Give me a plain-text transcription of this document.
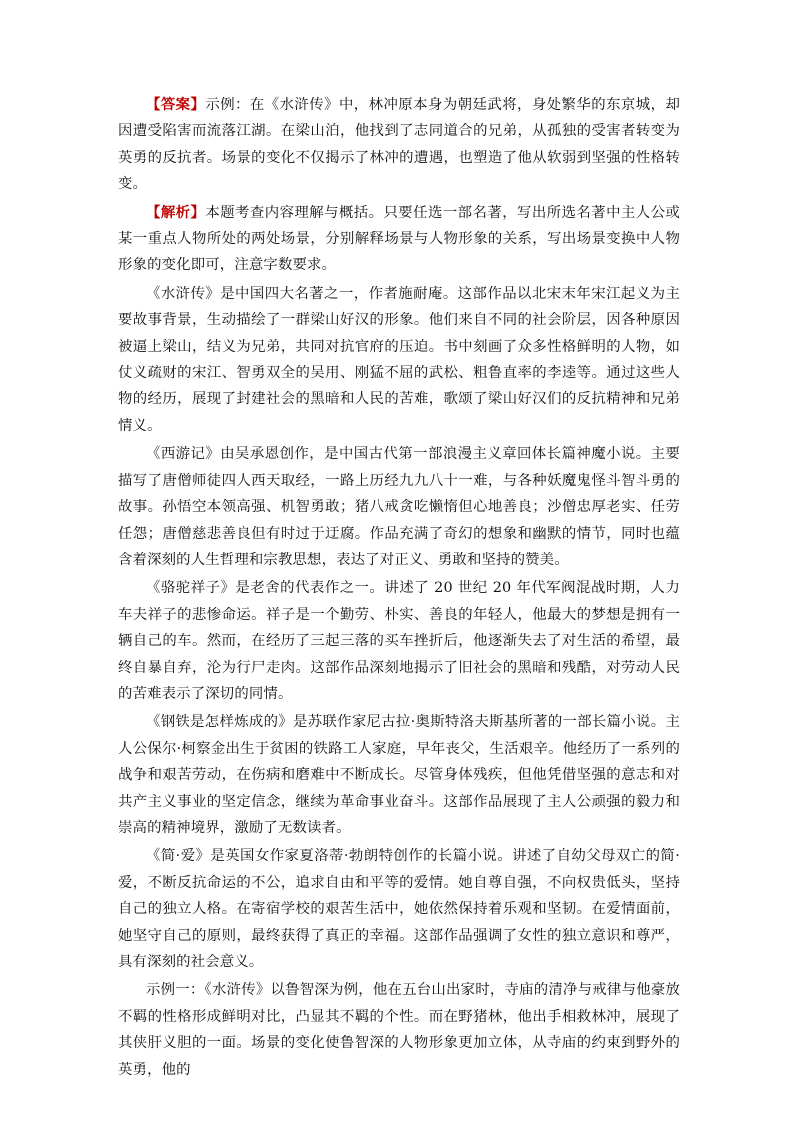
【答案】示例：在《水浒传》中，林冲原本身为朝廷武将，身处繁华的东京城，却因遭受陷害而流落江湖。在梁山泊，他找到了志同道合的兄弟，从孤独的受害者转变为英勇的反抗者。场景的变化不仅揭示了林冲的遭遇，也塑造了他从软弱到坚强的性格转变。

【解析】本题考查内容理解与概括。只要任选一部名著，写出所选名著中主人公或某一重点人物所处的两处场景，分别解释场景与人物形象的关系，写出场景变换中人物形象的变化即可，注意字数要求。

《水浒传》是中国四大名著之一，作者施耐庵。这部作品以北宋末年宋江起义为主要故事背景，生动描绘了一群梁山好汉的形象。他们来自不同的社会阶层，因各种原因被逼上梁山，结义为兄弟，共同对抗官府的压迫。书中刻画了众多性格鲜明的人物，如仗义疏财的宋江、智勇双全的吴用、刚猛不屈的武松、粗鲁直率的李逵等。通过这些人物的经历，展现了封建社会的黑暗和人民的苦难，歌颂了梁山好汉们的反抗精神和兄弟情义。

《西游记》由吴承恩创作，是中国古代第一部浪漫主义章回体长篇神魔小说。主要描写了唐僧师徒四人西天取经，一路上历经九九八十一难，与各种妖魔鬼怪斗智斗勇的故事。孙悟空本领高强、机智勇敢；猪八戒贪吃懒惰但心地善良；沙僧忠厚老实、任劳任怨；唐僧慈悲善良但有时过于迂腐。作品充满了奇幻的想象和幽默的情节，同时也蕴含着深刻的人生哲理和宗教思想，表达了对正义、勇敢和坚持的赞美。

《骆驼祥子》是老舍的代表作之一。讲述了 20 世纪 20 年代军阀混战时期，人力车夫祥子的悲惨命运。祥子是一个勤劳、朴实、善良的年轻人，他最大的梦想是拥有一辆自己的车。然而，在经历了三起三落的买车挫折后，他逐渐失去了对生活的希望，最终自暴自弃，沦为行尸走肉。这部作品深刻地揭示了旧社会的黑暗和残酷，对劳动人民的苦难表示了深切的同情。

《钢铁是怎样炼成的》是苏联作家尼古拉·奥斯特洛夫斯基所著的一部长篇小说。主人公保尔·柯察金出生于贫困的铁路工人家庭，早年丧父，生活艰辛。他经历了一系列的战争和艰苦劳动，在伤病和磨难中不断成长。尽管身体残疾，但他凭借坚强的意志和对共产主义事业的坚定信念，继续为革命事业奋斗。这部作品展现了主人公顽强的毅力和崇高的精神境界，激励了无数读者。

《简·爱》是英国女作家夏洛蒂·勃朗特创作的长篇小说。讲述了自幼父母双亡的简·爱，不断反抗命运的不公，追求自由和平等的爱情。她自尊自强，不向权贵低头，坚持自己的独立人格。在寄宿学校的艰苦生活中，她依然保持着乐观和坚韧。在爱情面前，她坚守自己的原则，最终获得了真正的幸福。这部作品强调了女性的独立意识和尊严，具有深刻的社会意义。

示例一：《水浒传》以鲁智深为例，他在五台山出家时，寺庙的清净与戒律与他豪放不羁的性格形成鲜明对比，凸显其不羁的个性。而在野猪林，他出手相救林冲，展现了其侠肝义胆的一面。场景的变化使鲁智深的人物形象更加立体，从寺庙的约束到野外的英勇，他的
